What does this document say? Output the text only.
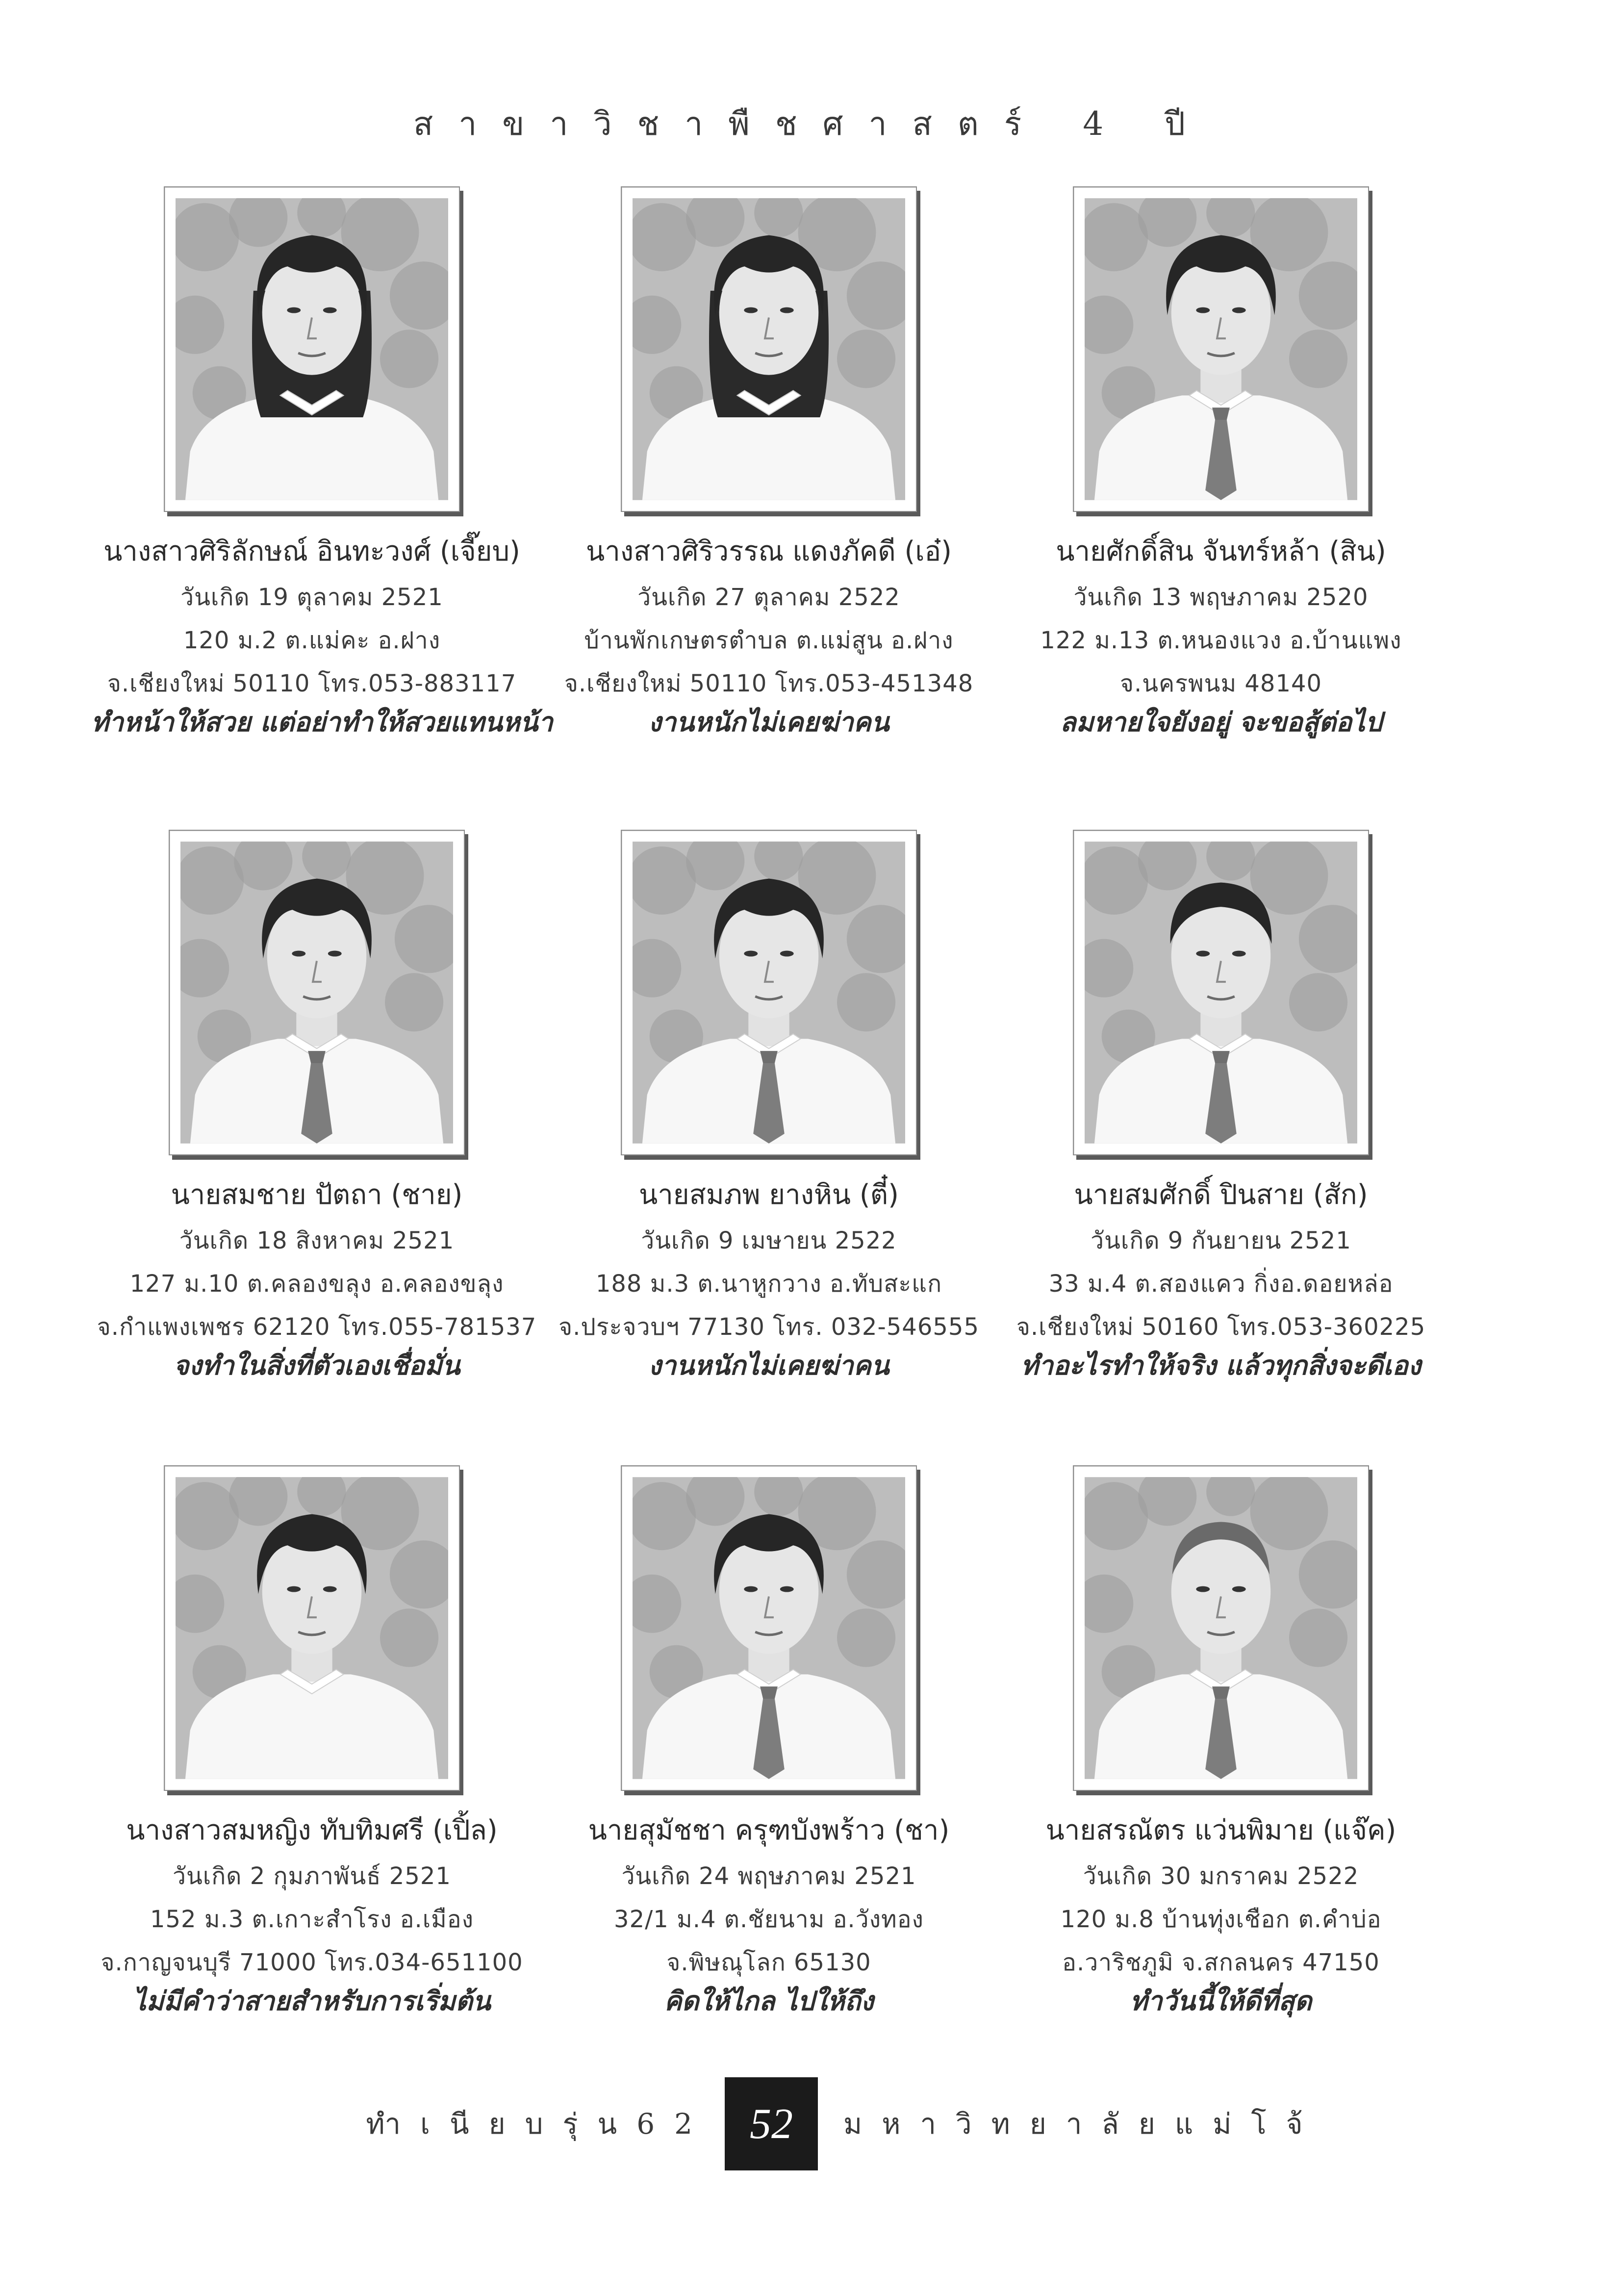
สาขาวิชาพืชศาสตร์ 4 ปี
นางสาวศิริลักษณ์ อินทะวงศ์ (เจี๊ยบ)
วันเกิด 19 ตุลาคม 2521
120 ม.2 ต.แม่คะ อ.ฝาง
จ.เชียงใหม่ 50110 โทร.053-883117
ทำหน้าให้สวย แต่อย่าทำให้สวยแทนหน้า
นางสาวศิริวรรณ แดงภัคดี (เอ๋)
วันเกิด 27 ตุลาคม 2522
บ้านพักเกษตรตำบล ต.แม่สูน อ.ฝาง
จ.เชียงใหม่ 50110 โทร.053-451348
งานหนักไม่เคยฆ่าคน
นายศักดิ์สิน จันทร์หล้า (สิน)
วันเกิด 13 พฤษภาคม 2520
122 ม.13 ต.หนองแวง อ.บ้านแพง
จ.นครพนม 48140
ลมหายใจยังอยู่ จะขอสู้ต่อไป
นายสมชาย ปัตถา (ชาย)
วันเกิด 18 สิงหาคม 2521
127 ม.10 ต.คลองขลุง อ.คลองขลุง
จ.กำแพงเพชร 62120 โทร.055-781537
จงทำในสิ่งที่ตัวเองเชื่อมั่น
นายสมภพ ยางหิน (ตี๋)
วันเกิด 9 เมษายน 2522
188 ม.3 ต.นาหูกวาง อ.ทับสะแก
จ.ประจวบฯ 77130 โทร. 032-546555
งานหนักไม่เคยฆ่าคน
นายสมศักดิ์ ปินสาย (สัก)
วันเกิด 9 กันยายน 2521
33 ม.4 ต.สองแคว กิ่งอ.ดอยหล่อ
จ.เชียงใหม่ 50160 โทร.053-360225
ทำอะไรทำให้จริง แล้วทุกสิ่งจะดีเอง
นางสาวสมหญิง ทับทิมศรี (เปิ้ล)
วันเกิด 2 กุมภาพันธ์ 2521
152 ม.3 ต.เกาะสำโรง อ.เมือง
จ.กาญจนบุรี 71000 โทร.034-651100
ไม่มีคำว่าสายสำหรับการเริ่มต้น
นายสุมัชชา ครุฑบังพร้าว (ชา)
วันเกิด 24 พฤษภาคม 2521
32/1 ม.4 ต.ชัยนาม อ.วังทอง
จ.พิษณุโลก 65130
คิดให้ไกล ไปให้ถึง
นายสรณัตร แว่นพิมาย (แจ๊ค)
วันเกิด 30 มกราคม 2522
120 ม.8 บ้านทุ่งเชือก ต.คำบ่อ
อ.วาริชภูมิ จ.สกลนคร 47150
ทำวันนี้ให้ดีที่สุด
ทำเนียบรุ่น62 52	มหาวิทยาลัยแม่โจ้
